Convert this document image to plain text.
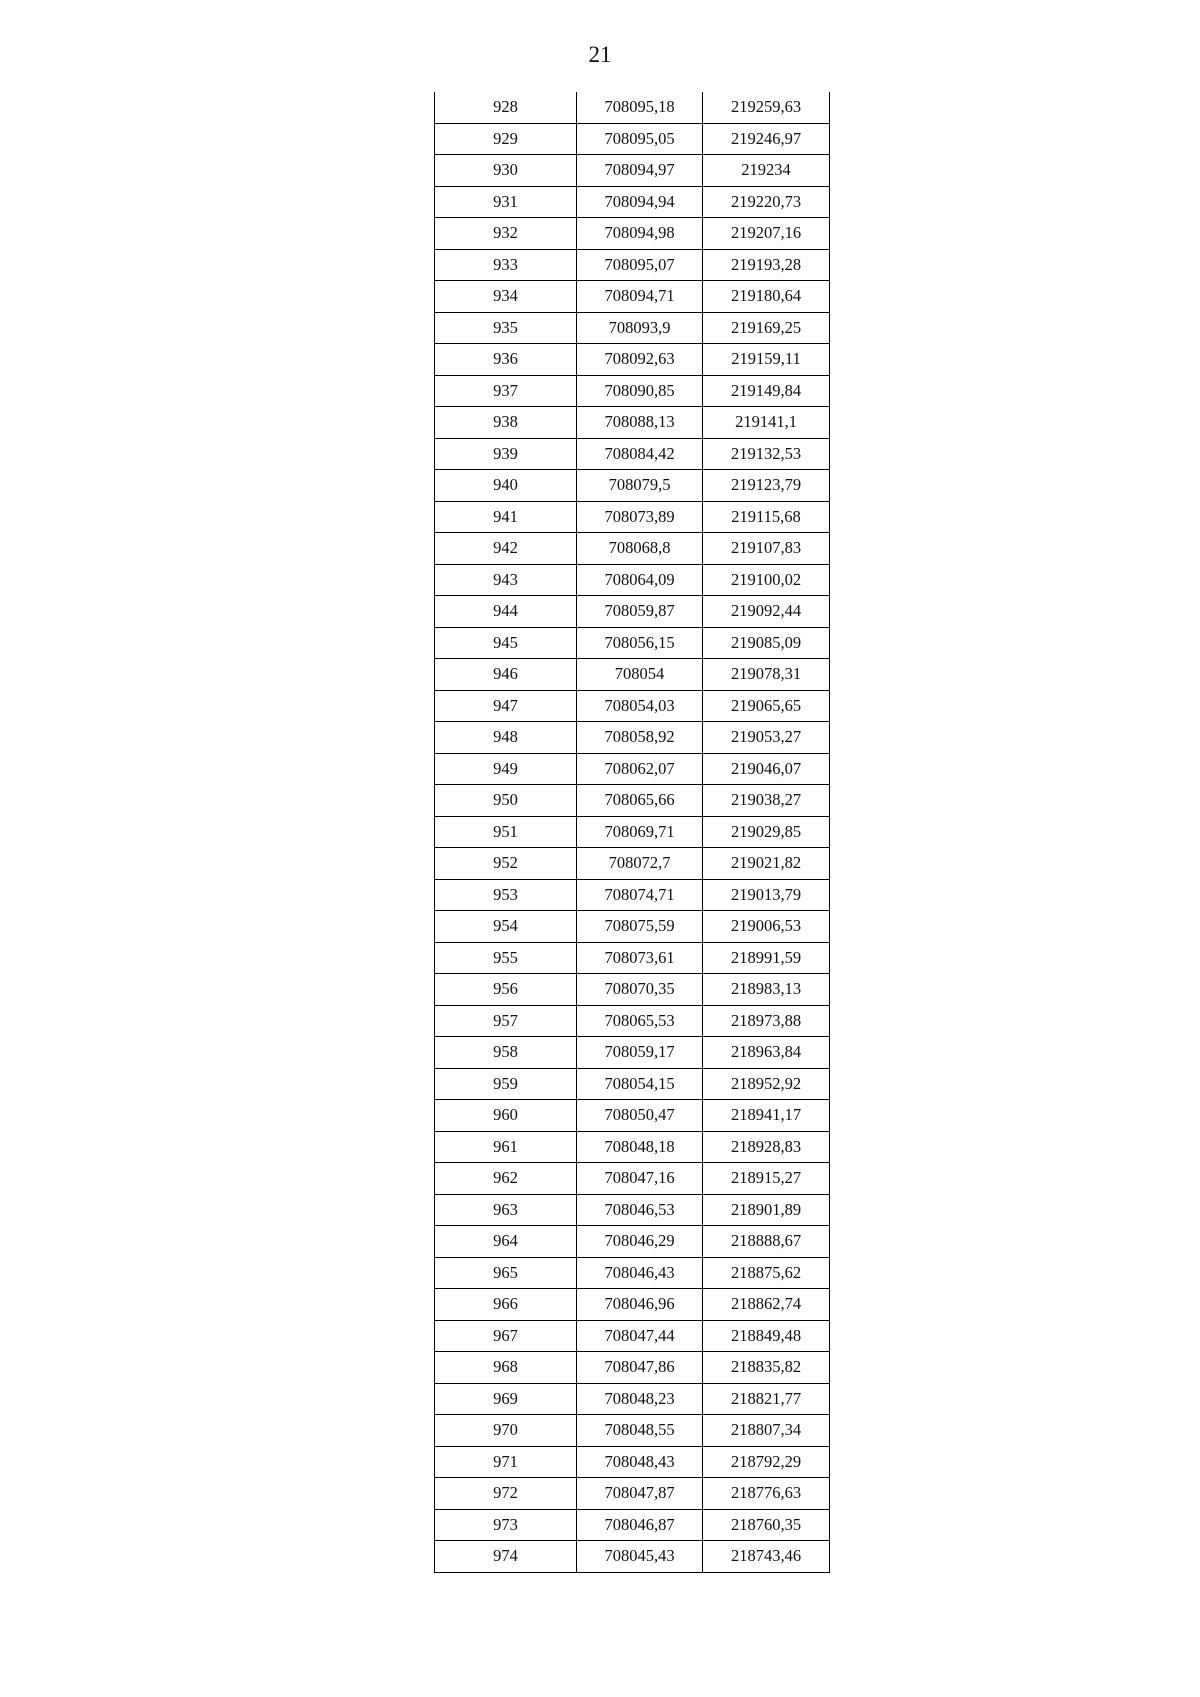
21
928	708095,18	219259,63
929	708095,05	219246,97
930	708094,97	219234
931	708094,94	219220,73
932	708094,98	219207,16
933	708095,07	219193,28
934	708094,71	219180,64
935	708093,9	219169,25
936	708092,63	219159,11
937	708090,85	219149,84
938	708088,13	219141,1
939	708084,42	219132,53
940	708079,5	219123,79
941	708073,89	219115,68
942	708068,8	219107,83
943	708064,09	219100,02
944	708059,87	219092,44
945	708056,15	219085,09
946	708054	219078,31
947	708054,03	219065,65
948	708058,92	219053,27
949	708062,07	219046,07
950	708065,66	219038,27
951	708069,71	219029,85
952	708072,7	219021,82
953	708074,71	219013,79
954	708075,59	219006,53
955	708073,61	218991,59
956	708070,35	218983,13
957	708065,53	218973,88
958	708059,17	218963,84
959	708054,15	218952,92
960	708050,47	218941,17
961	708048,18	218928,83
962	708047,16	218915,27
963	708046,53	218901,89
964	708046,29	218888,67
965	708046,43	218875,62
966	708046,96	218862,74
967	708047,44	218849,48
968	708047,86	218835,82
969	708048,23	218821,77
970	708048,55	218807,34
971	708048,43	218792,29
972	708047,87	218776,63
973	708046,87	218760,35
974	708045,43	218743,46
